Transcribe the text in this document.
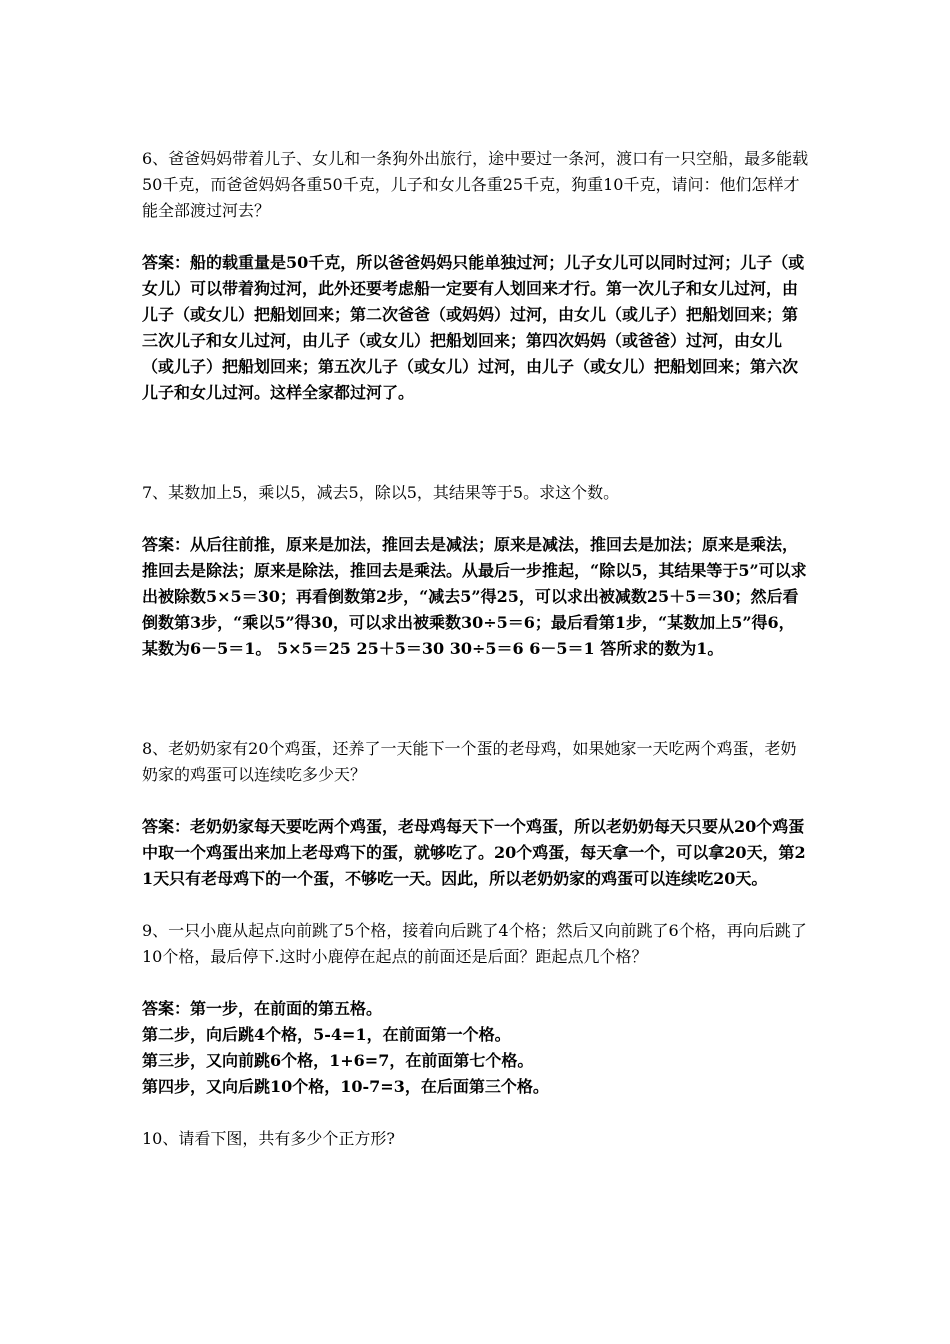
6、爸爸妈妈带着儿子、女儿和一条狗外出旅行，途中要过一条河，渡口有一只空船，最多能载50千克，而爸爸妈妈各重50千克，儿子和女儿各重25千克，狗重10千克，请问：他们怎样才能全部渡过河去？

答案：船的载重量是50千克，所以爸爸妈妈只能单独过河；儿子女儿可以同时过河；儿子（或女儿）可以带着狗过河，此外还要考虑船一定要有人划回来才行。第一次儿子和女儿过河，由儿子（或女儿）把船划回来；第二次爸爸（或妈妈）过河，由女儿（或儿子）把船划回来；第三次儿子和女儿过河，由儿子（或女儿）把船划回来；第四次妈妈（或爸爸）过河，由女儿（或儿子）把船划回来；第五次儿子（或女儿）过河，由儿子（或女儿）把船划回来；第六次儿子和女儿过河。这样全家都过河了。

7、某数加上5，乘以5，减去5，除以5，其结果等于5。求这个数。

答案：从后往前推，原来是加法，推回去是减法；原来是减法，推回去是加法；原来是乘法，推回去是除法；原来是除法，推回去是乘法。从最后一步推起，“除以5，其结果等于5”可以求出被除数5×5＝30；再看倒数第2步，“减去5”得25，可以求出被减数25＋5＝30；然后看倒数第3步，“乘以5”得30，可以求出被乘数30÷5＝6；最后看第1步，“某数加上5”得6，某数为6－5＝1。 5×5＝25 25＋5＝30 30÷5＝6 6－5＝1 答所求的数为1。

8、老奶奶家有20个鸡蛋，还养了一天能下一个蛋的老母鸡，如果她家一天吃两个鸡蛋，老奶奶家的鸡蛋可以连续吃多少天？

答案：老奶奶家每天要吃两个鸡蛋，老母鸡每天下一个鸡蛋，所以老奶奶每天只要从20个鸡蛋中取一个鸡蛋出来加上老母鸡下的蛋，就够吃了。20个鸡蛋，每天拿一个，可以拿20天，第21天只有老母鸡下的一个蛋，不够吃一天。因此，所以老奶奶家的鸡蛋可以连续吃20天。

9、一只小鹿从起点向前跳了5个格，接着向后跳了4个格；然后又向前跳了6个格，再向后跳了10个格，最后停下.这时小鹿停在起点的前面还是后面？距起点几个格？

答案：第一步，在前面的第五格。
第二步，向后跳4个格，5-4=1，在前面第一个格。
第三步，又向前跳6个格，1+6=7，在前面第七个格。
第四步，又向后跳10个格，10-7=3，在后面第三个格。

10、请看下图，共有多少个正方形?
